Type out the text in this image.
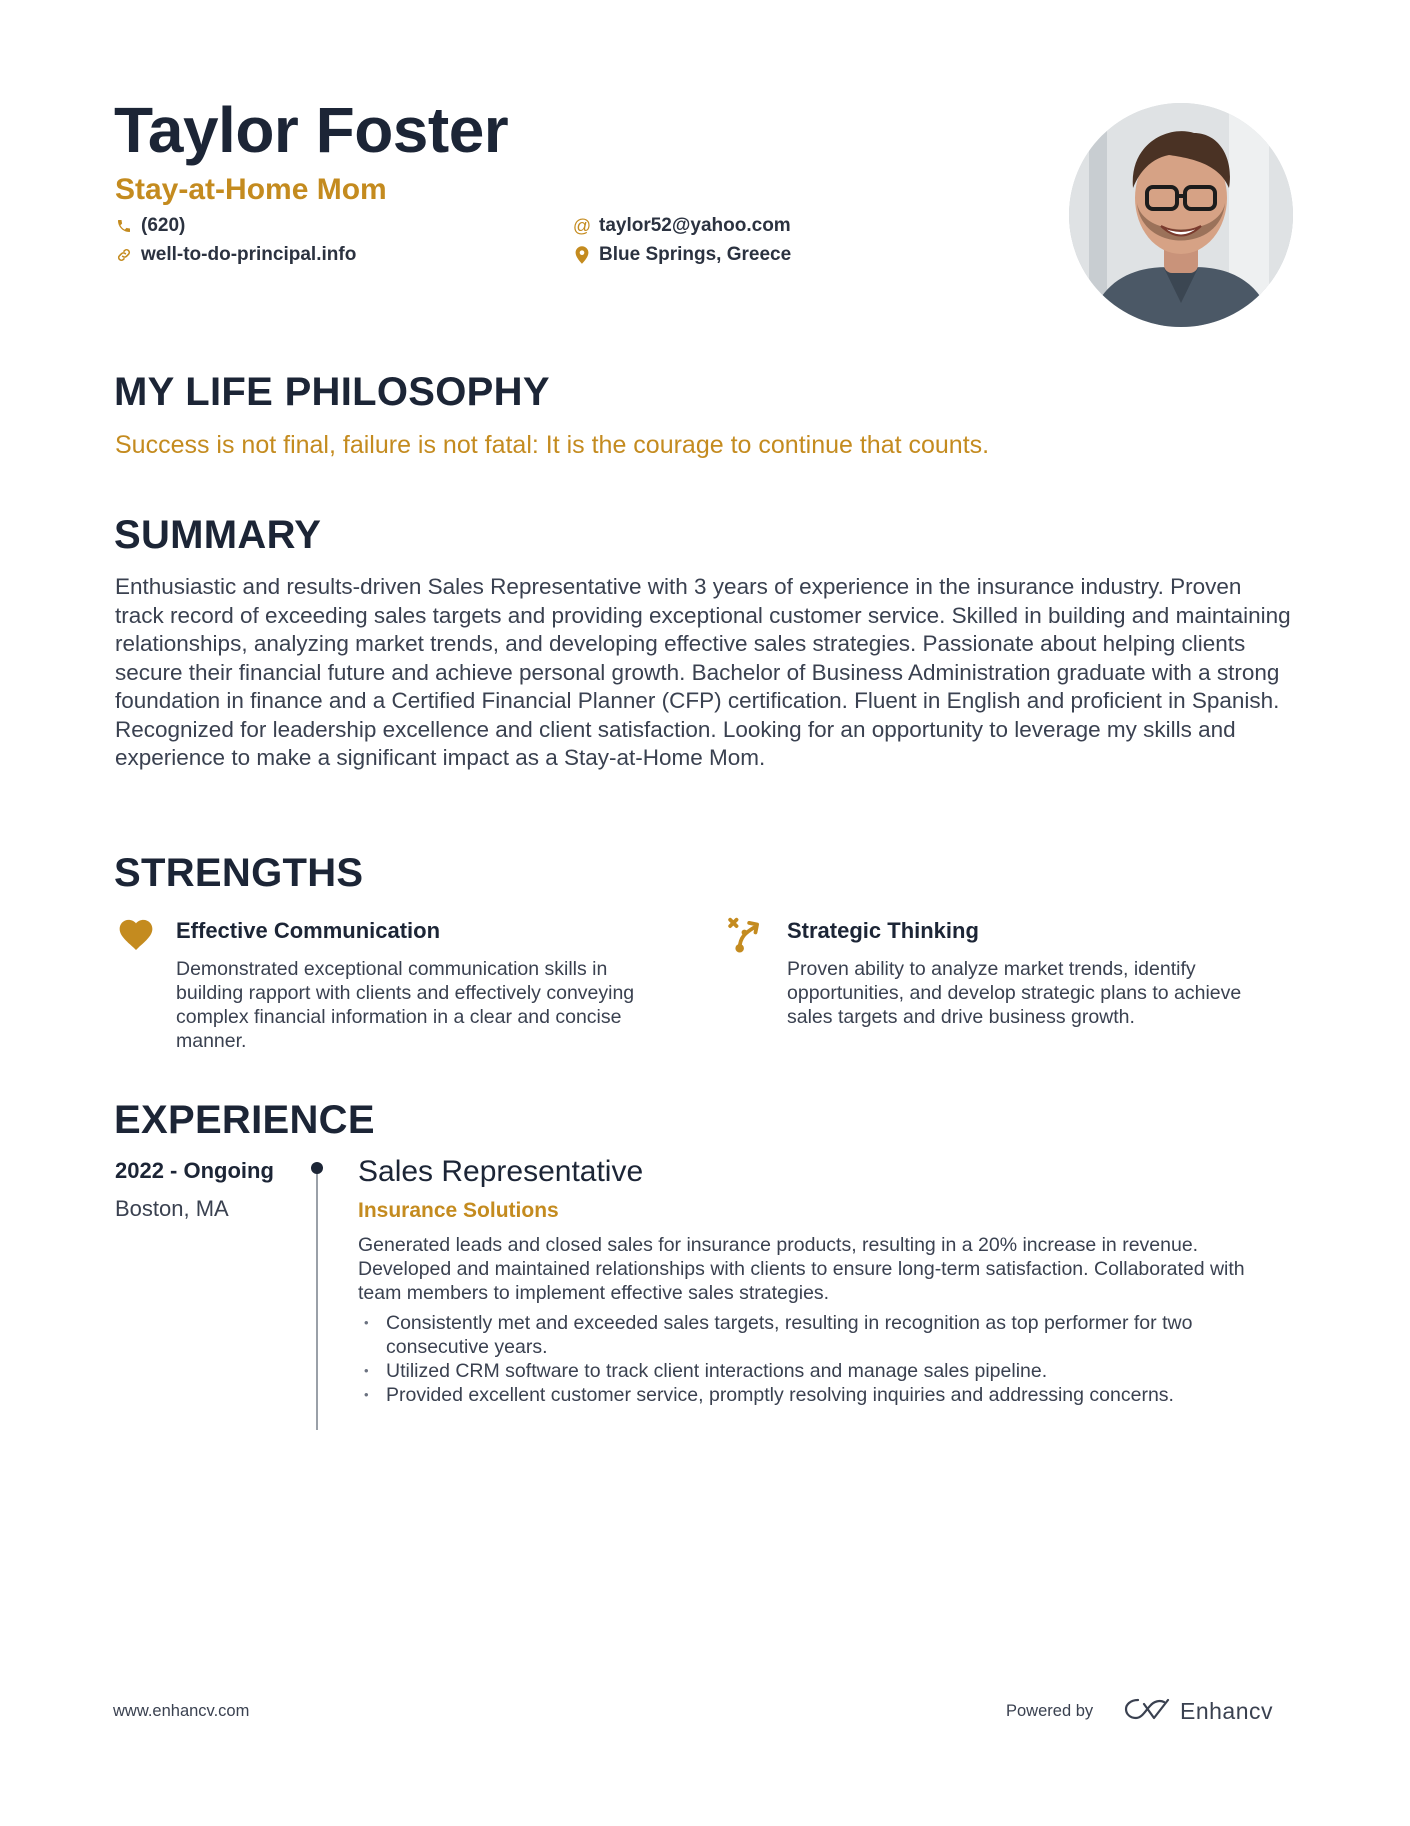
Taylor Foster
Stay-at-Home Mom
(620)	@ taylor52@yahoo.com
well-to-do-principal.info	Blue Springs, Greece
MY LIFE PHILOSOPHY
Success is not final, failure is not fatal: It is the courage to continue that counts.
SUMMARY
Enthusiastic and results-driven Sales Representative with 3 years of experience in the insurance industry. Proven track record of exceeding sales targets and providing exceptional customer service. Skilled in building and maintaining relationships, analyzing market trends, and developing effective sales strategies. Passionate about helping clients secure their financial future and achieve personal growth. Bachelor of Business Administration graduate with a strong foundation in finance and a Certified Financial Planner (CFP) certification. Fluent in English and proficient in Spanish. Recognized for leadership excellence and client satisfaction. Looking for an opportunity to leverage my skills and experience to make a significant impact as a Stay-at-Home Mom.
STRENGTHS
Effective Communication
Demonstrated exceptional communication skills in building rapport with clients and effectively conveying complex financial information in a clear and concise manner.
Strategic Thinking
Proven ability to analyze market trends, identify opportunities, and develop strategic plans to achieve sales targets and drive business growth.
EXPERIENCE
2022 - Ongoing
Boston, MA
Sales Representative
Insurance Solutions
Generated leads and closed sales for insurance products, resulting in a 20% increase in revenue. Developed and maintained relationships with clients to ensure long-term satisfaction. Collaborated with team members to implement effective sales strategies.
• Consistently met and exceeded sales targets, resulting in recognition as top performer for two consecutive years.
• Utilized CRM software to track client interactions and manage sales pipeline.
• Provided excellent customer service, promptly resolving inquiries and addressing concerns.
www.enhancv.com	Powered by	Enhancv
